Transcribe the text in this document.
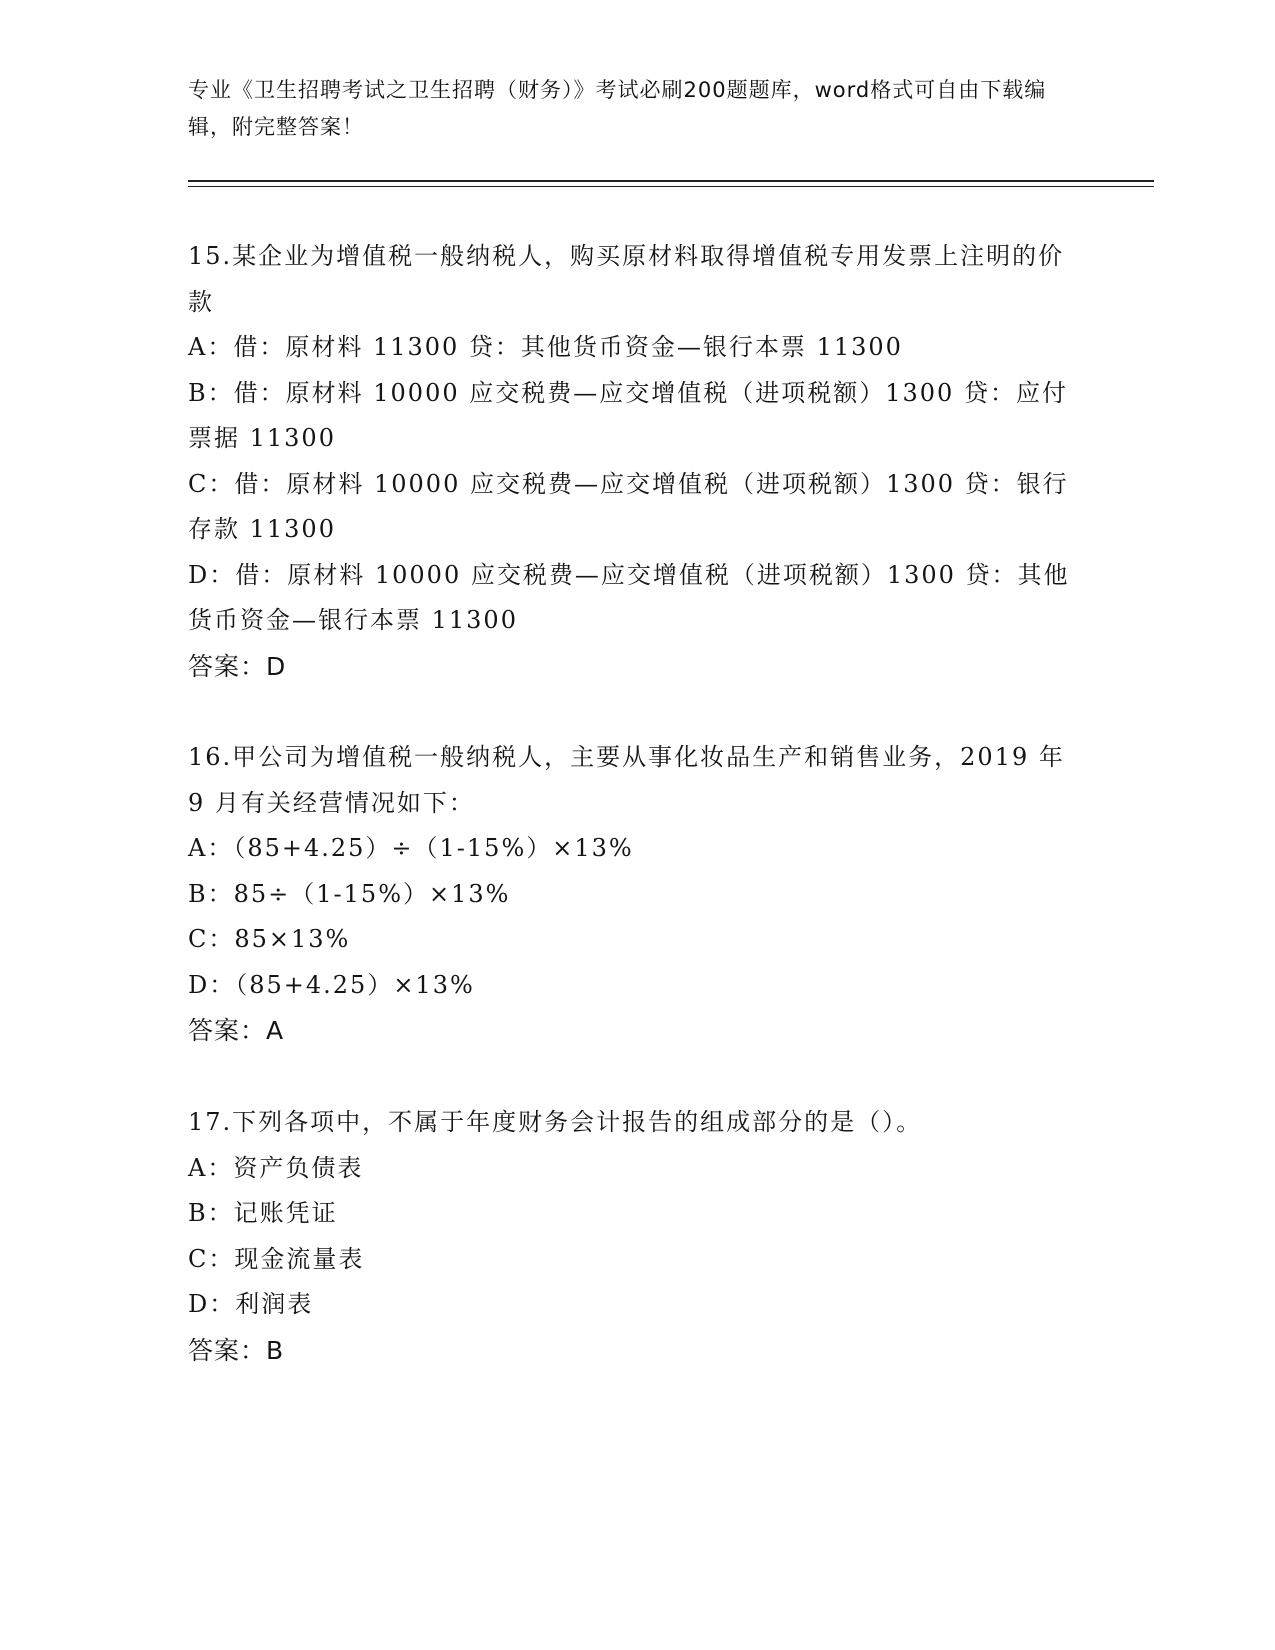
专业《卫生招聘考试之卫生招聘（财务）》考试必刷200题题库，word格式可自由下载编辑，附完整答案！
15.某企业为增值税一般纳税人，购买原材料取得增值税专用发票上注明的价款
A：借：原材料 11300 贷：其他货币资金—银行本票 11300
B：借：原材料 10000 应交税费—应交增值税（进项税额）1300 贷：应付票据 11300
C：借：原材料 10000 应交税费—应交增值税（进项税额）1300 贷：银行存款 11300
D：借：原材料 10000 应交税费—应交增值税（进项税额）1300 贷：其他货币资金—银行本票 11300
答案：D
16.甲公司为增值税一般纳税人，主要从事化妆品生产和销售业务，2019 年 9 月有关经营情况如下：
A：（85+4.25）÷（1-15%）×13%
B：85÷（1-15%）×13%
C：85×13%
D：（85+4.25）×13%
答案：A
17.下列各项中，不属于年度财务会计报告的组成部分的是（）。
A：资产负债表
B：记账凭证
C：现金流量表
D：利润表
答案：B
